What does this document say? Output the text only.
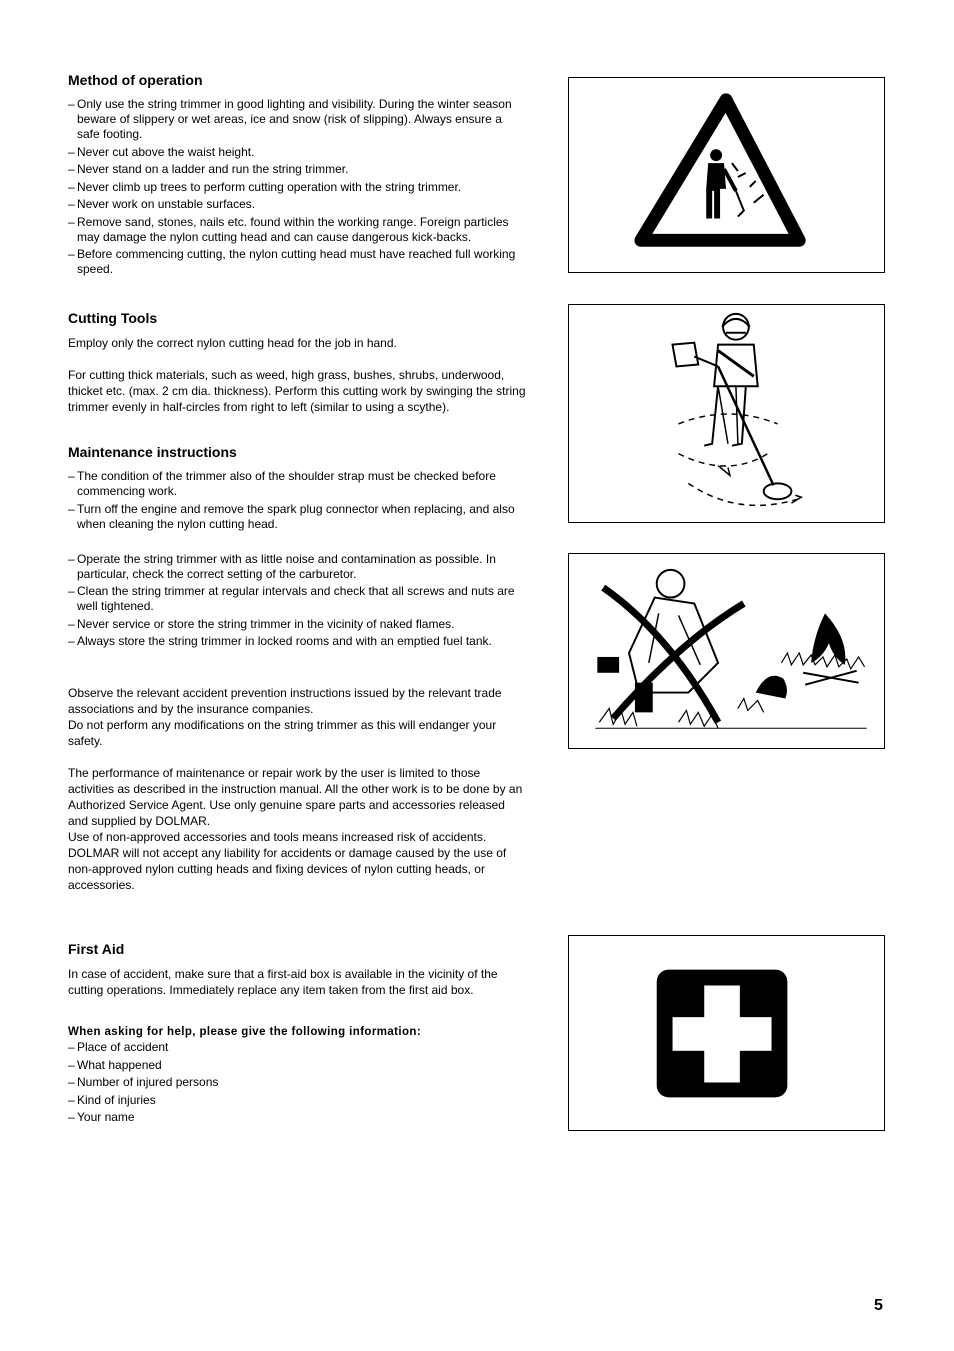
Method of operation
– Only use the string trimmer in good lighting and visibility. During the winter season beware of slippery or wet areas, ice and snow (risk of slipping). Always ensure a safe footing.
– Never cut above the waist height.
– Never stand on a ladder and run the string trimmer.
– Never climb up trees to perform cutting operation with the string trimmer.
– Never work on unstable surfaces.
– Remove sand, stones, nails etc. found within the working range. Foreign particles may damage the nylon cutting head and can cause dangerous kick-backs.
– Before commencing cutting, the nylon cutting head must have reached full working speed.
Cutting Tools

Employ only the correct nylon cutting head for the job in hand.

For cutting thick materials, such as weed, high grass, bushes, shrubs, underwood, thicket etc. (max. 2 cm dia. thickness). Perform this cutting work by swinging the string trimmer evenly in half-circles from right to left (similar to using a scythe).

Maintenance instructions
– The condition of the trimmer also of the shoulder strap must be checked before commencing work.
– Turn off the engine and remove the spark plug connector when replacing, and also when cleaning the nylon cutting head.
– Operate the string trimmer with as little noise and contamination as possible. In particular, check the correct setting of the carburetor.
– Clean the string trimmer at regular intervals and check that all screws and nuts are well tightened.
– Never service or store the string trimmer in the vicinity of naked flames.
– Always store the string trimmer in locked rooms and with an emptied fuel tank.

Observe the relevant accident prevention instructions issued by the relevant trade associations and by the insurance companies.

Do not perform any modifications on the string trimmer as this will endanger your safety.

The performance of maintenance or repair work by the user is limited to those activities as described in the instruction manual. All the other work is to be done by an Authorized Service Agent. Use only genuine spare parts and accessories released and supplied by DOLMAR.

Use of non-approved accessories and tools means increased risk of accidents.

DOLMAR will not accept any liability for accidents or damage caused by the use of non-approved nylon cutting heads and fixing devices of nylon cutting heads, or accessories.

First Aid

In case of accident, make sure that a first-aid box is available in the vicinity of the cutting operations. Immediately replace any item taken from the first aid box.

When asking for help, please give the following information:

– Place of accident
– What happened
– Number of injured persons
– Kind of injuries
– Your name
5
